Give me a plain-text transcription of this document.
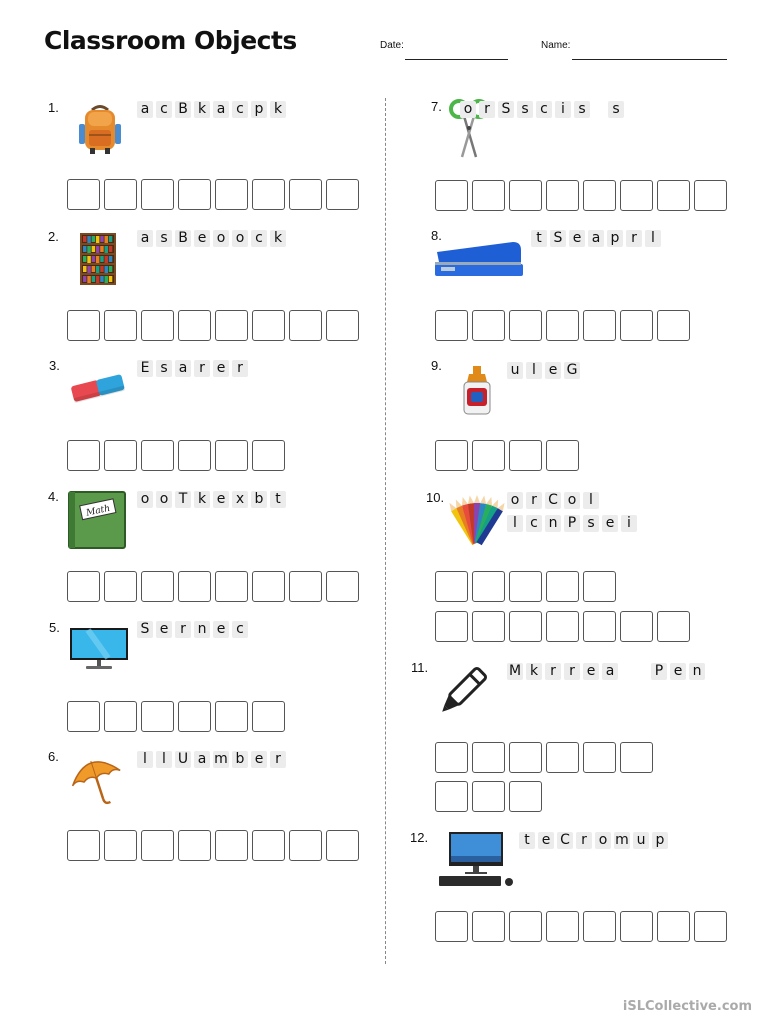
Classroom Objects	Date:	Name:
1.	a c B k a c p k
2.	a s B e o o c k
3.	E s a r e r
4.
Math
o o T k e x b t
5.	S e r n e c
6.	l	l U a m b e r
7. o r S s c i s	s
8.	t S e a p r	l
9.	u l e G
10.	o r C o l
l c n P s e i
11.	M k r r e a	P e n
12.	t e C r o m u p
iSLCollective.com
